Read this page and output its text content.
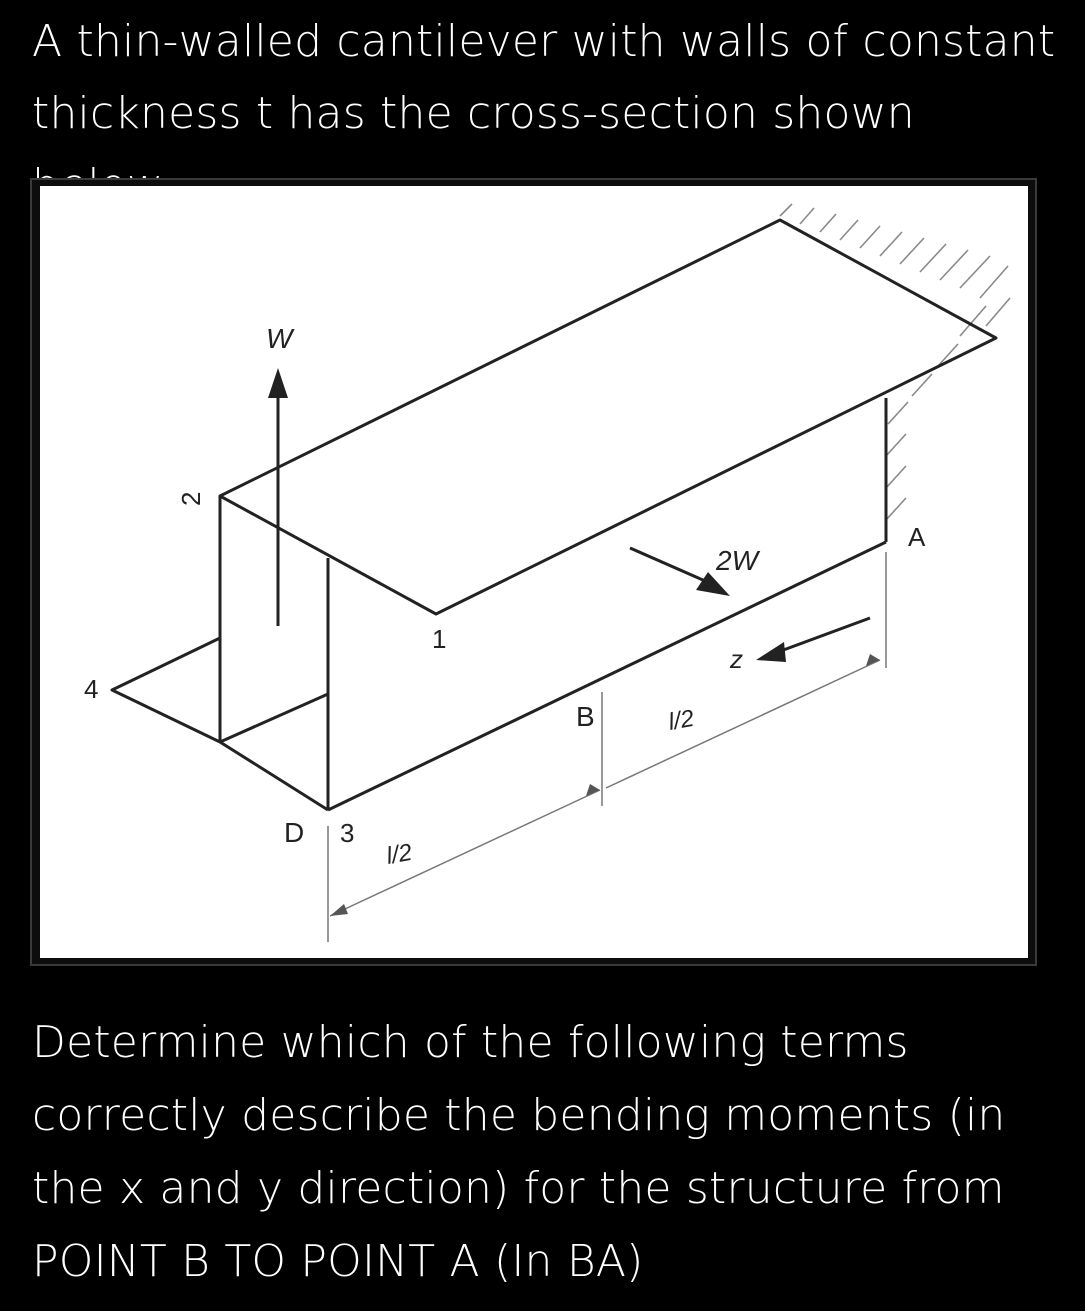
A thin-walled cantilever with walls of constant thickness t has the cross-section shown

W
2W
z
l/2
l/2
2
4
1
D 3
B
A

Determine which of the following terms correctly describe the bending moments (in the x and y direction) for the structure from POINT B TO POINT A (In BA)
